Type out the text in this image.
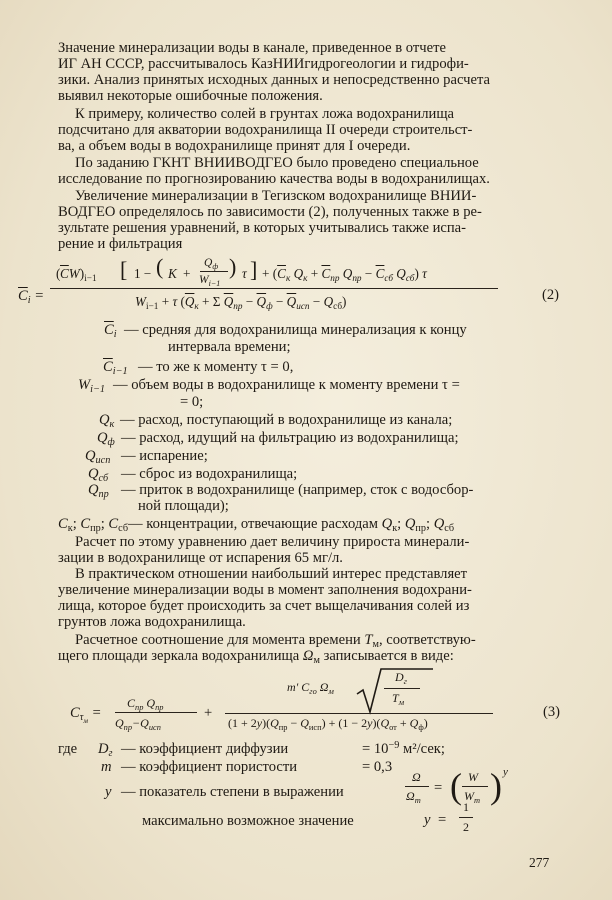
Значение минерализации воды в канале, приведенное в отчете
ИГ АН СССР, рассчитывалось КазНИИгидрогеологии и гидрофи-
зики. Анализ принятых исходных данных и непосредственно расчета
выявил некоторые ошибочные положения.
К примеру, количество солей в грунтах ложа водохранилища
подсчитано для акватории водохранилища II очереди строительст-
ва, а объем воды в водохранилище принят для I очереди.
По заданию ГКНТ ВНИИВОДГЕО было проведено специальное
исследование по прогнозированию качества воды в водохранилищах.
Увеличение минерализации в Тегизском водохранилище ВНИИ-
ВОДГЕО определялось по зависимости (2), полученных также в ре-
зультате решения уравнений, в которых учитывались также испа-
рение и фильтрация
$\overline{C}_i$ =
$\overline{C}W)_{i-1}$
(	[ 1 − ( K +
$Q_ф$
$W_{i-1}$
) τ ] + ($\overline{C}_к$ $Q_к + \overline{C}_{пр}$ $Q_{пр} - \overline{C}_{сб}$ $Q_{сб}$) τ
$W_{i-1} + \tau$ ($\overline{Q}_к + \Sigma$ $\overline{Q}_{пр} - \overline{Q}_ф - \overline{Q}_{исп} - Q_{сб}$)	(2)
$\overline{C}_i$ — средняя для водохранилища минерализация к концу
интервала времени;
$\overline{C}_{i-1}$ — то же к моменту τ = 0,
$W_{i-1}$ — объем воды в водохранилище к моменту времени τ =
= 0;
$Q_к$ — расход, поступающий в водохранилище из канала;
$Q_ф$ — расход, идущий на фильтрацию из водохранилища;
$Q_{исп}$ — испарение;
$Q_{сб}$ — сброс из водохранилища;
$Q_{пр}$ — приток в водохранилище (например, сток с водосбор-
ной площади);
$C_к$; $C_{пр}$; $C_{сб}—$ концентрации, отвечающие расходам $Q_к$; $Q_{пр}$; $Q_{сб}$
Расчет по этому уравнению дает величину прироста минерали-
зации в водохранилище от испарения 65 мг/л.
В практическом отношении наибольший интерес представляет
увеличение минерализации воды в момент заполнения водохрани-
лища, которое будет происходить за счет выщелачивания солей из
грунтов ложа водохранилища.
Расчетное соотношение для момента времени $T_м$, соответствую-
щего площади зеркала водохранилища $\Omega_м$ записывается в виде:
$C_{\tau_м}$ =
$C_{пр}$ $Q_{пр}$
$Q_{пр}-Q_{исп}$
+
m′ $C_{го}$ $\Omega_м$
$D_г$
$T_м$
$(1 + 2y)(Q_{пр} - Q_{исп}) + (1 - 2y)(Q_{от} + Q_ф)$
(3)
где $D_г$ — коэффициент диффузии	= $10^{-9}$ м²/сек;
m — коэффициент пористости	= 0,3
y — показатель степени в выражении
Ω
$\Omega_m$
= ( W
$W_m$ ) y
максимально возможное значение	y =
1
2
277
